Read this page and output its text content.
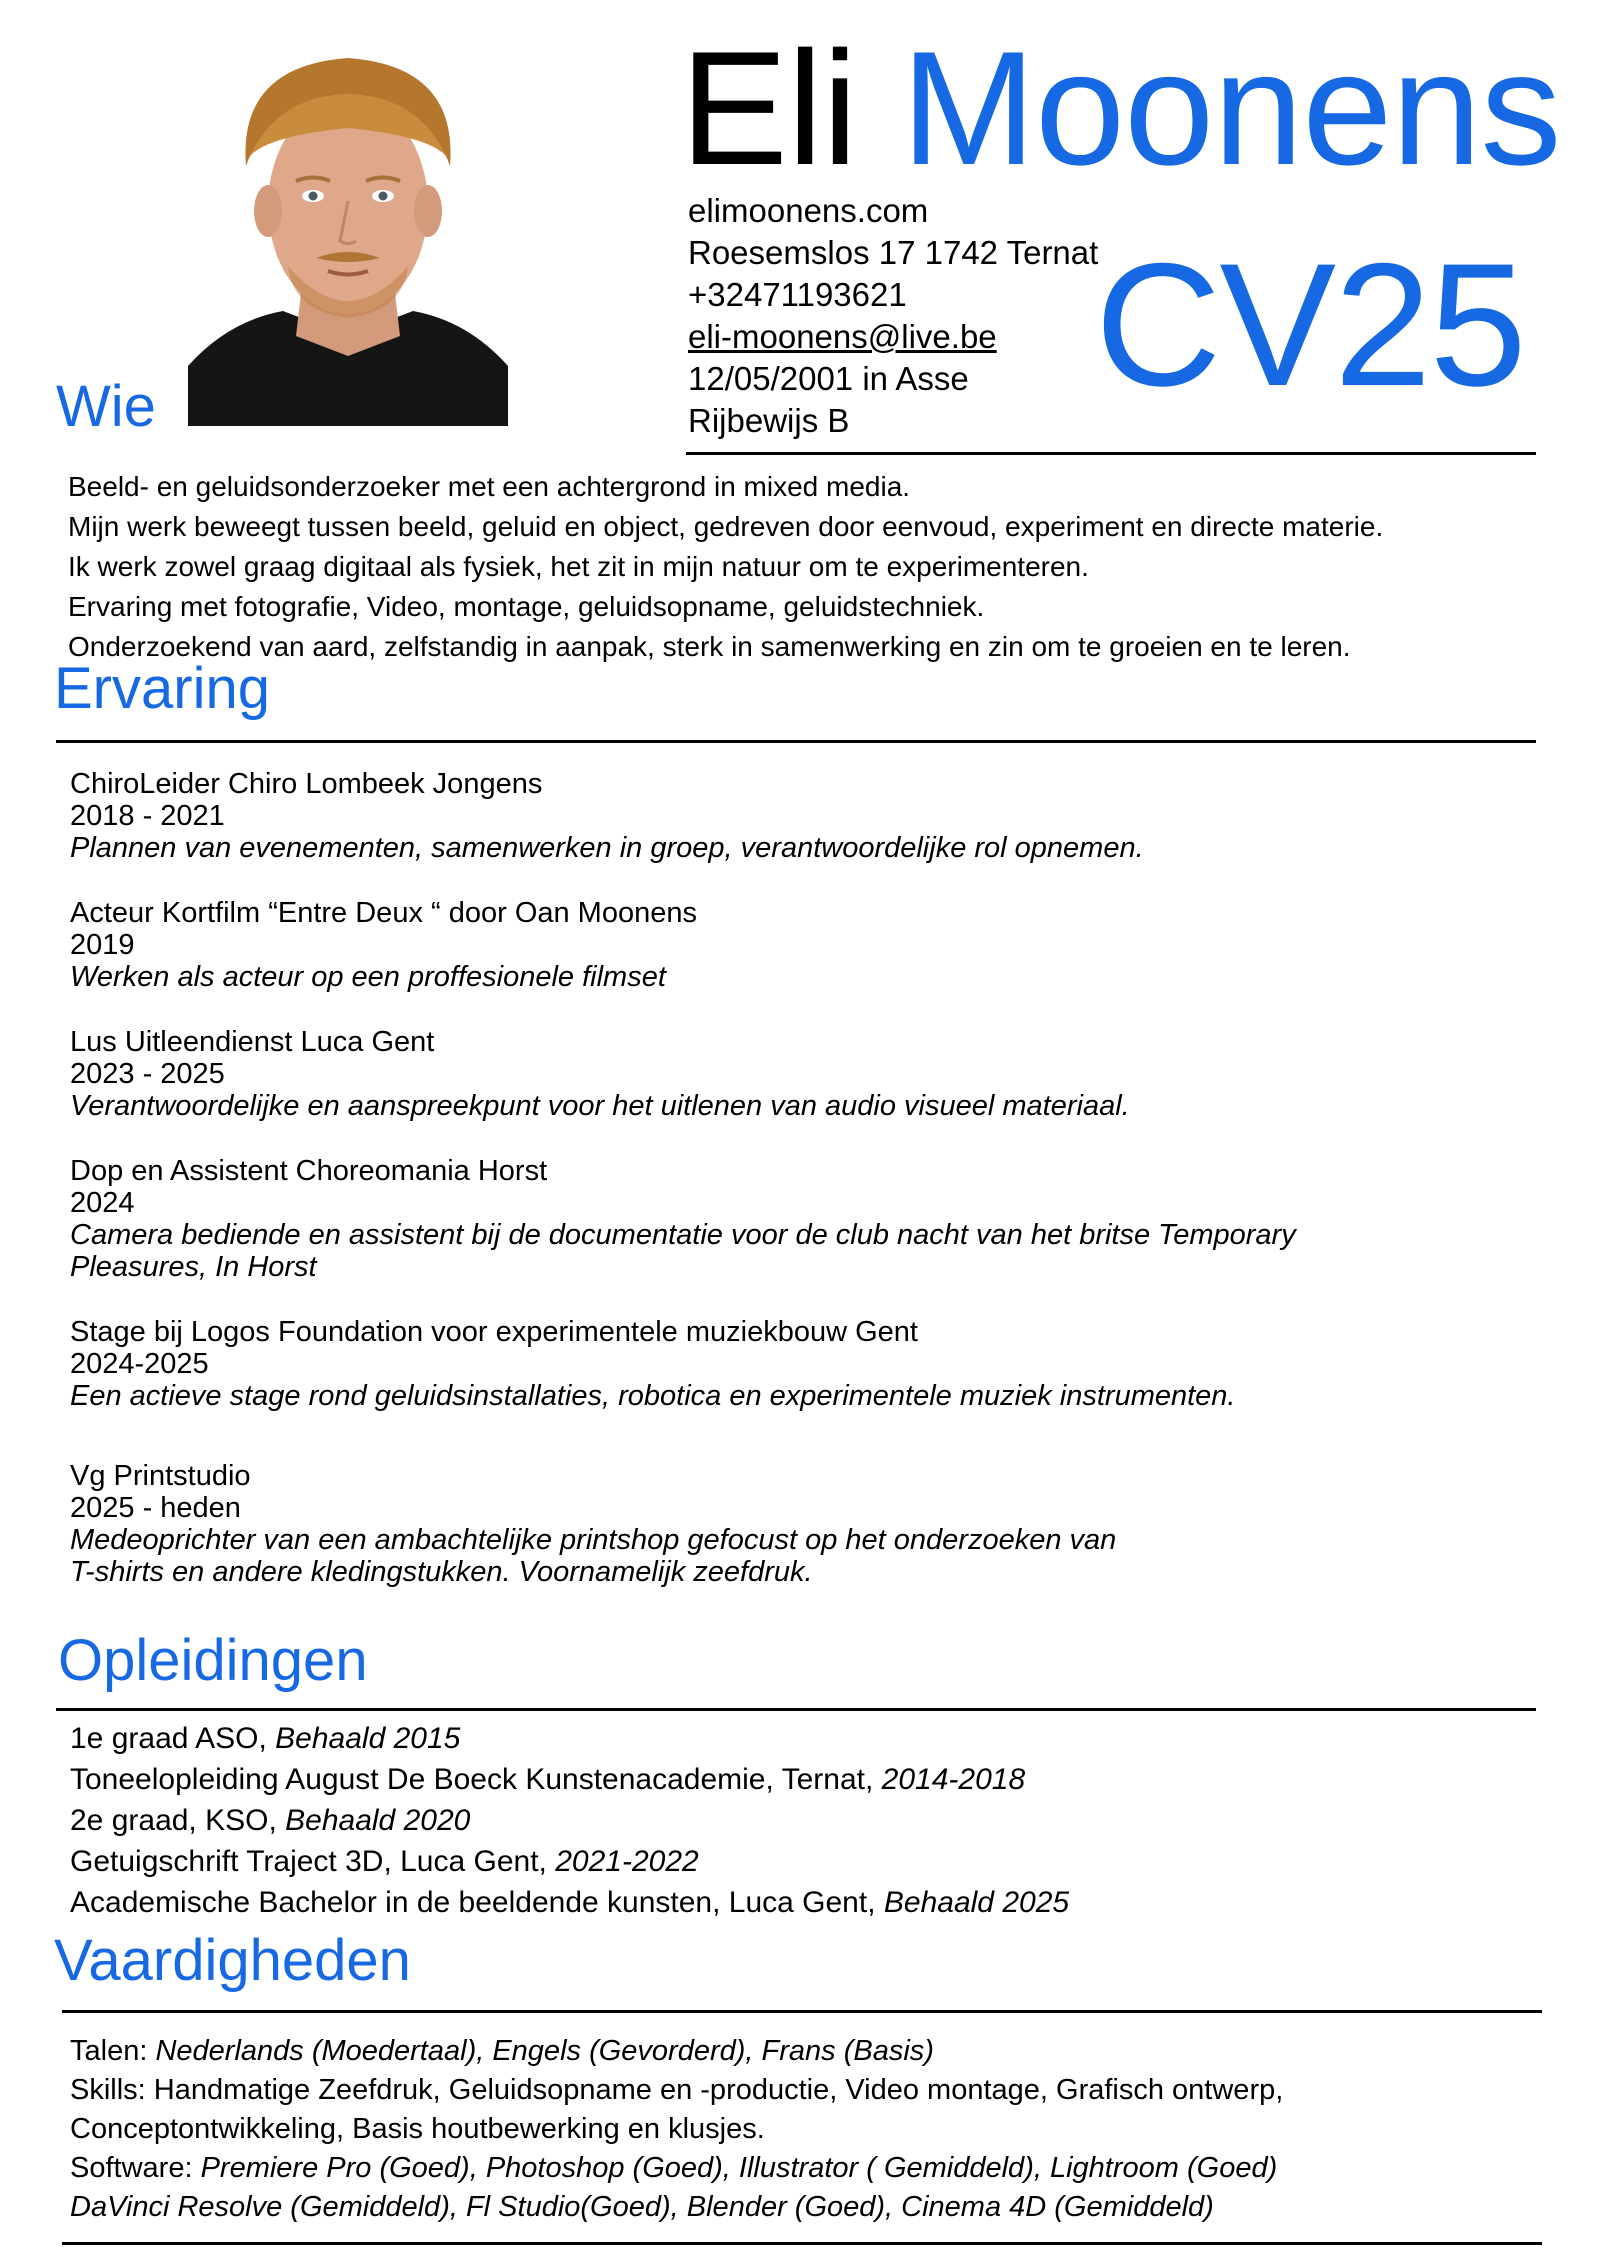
Eli Moonens
elimoonens.com
Roesemslos 17 1742 Ternat
+32471193621
eli-moonens@live.be
12/05/2001 in Asse
Rijbewijs B	CV25
Wie
Beeld- en geluidsonderzoeker met een achtergrond in mixed media.
Mijn werk beweegt tussen beeld, geluid en object, gedreven door eenvoud, experiment en directe materie.
Ik werk zowel graag digitaal als fysiek, het zit in mijn natuur om te experimenteren.
Ervaring met fotografie, Video, montage, geluidsopname, geluidstechniek.
Onderzoekend van aard, zelfstandig in aanpak, sterk in samenwerking en zin om te groeien en te leren.
Ervaring
ChiroLeider Chiro Lombeek Jongens
2018 - 2021
Plannen van evenementen, samenwerken in groep, verantwoordelijke rol opnemen.
Acteur Kortfilm “Entre Deux “ door Oan Moonens
2019
Werken als acteur op een proffesionele filmset
Lus Uitleendienst Luca Gent
2023 - 2025
Verantwoordelijke en aanspreekpunt voor het uitlenen van audio visueel materiaal.
Dop en Assistent Choreomania Horst
2024
Camera bediende en assistent bij de documentatie voor de club nacht van het britse Temporary
Pleasures, In Horst
Stage bij Logos Foundation voor experimentele muziekbouw Gent
2024-2025
Een actieve stage rond geluidsinstallaties, robotica en experimentele muziek instrumenten.
Vg Printstudio
2025 - heden
Medeoprichter van een ambachtelijke printshop gefocust op het onderzoeken van
T-shirts en andere kledingstukken. Voornamelijk zeefdruk.
Opleidingen
1e graad ASO, Behaald 2015
Toneelopleiding August De Boeck Kunstenacademie, Ternat, 2014-2018
2e graad, KSO, Behaald 2020
Getuigschrift Traject 3D, Luca Gent, 2021-2022
Academische Bachelor in de beeldende kunsten, Luca Gent, Behaald 2025
Vaardigheden
Talen: Nederlands (Moedertaal), Engels (Gevorderd), Frans (Basis)
Skills: Handmatige Zeefdruk, Geluidsopname en -productie, Video montage, Grafisch ontwerp,
Conceptontwikkeling, Basis houtbewerking en klusjes.
Software: Premiere Pro (Goed), Photoshop (Goed), Illustrator ( Gemiddeld), Lightroom (Goed)
DaVinci Resolve (Gemiddeld), Fl Studio(Goed), Blender (Goed), Cinema 4D (Gemiddeld)
